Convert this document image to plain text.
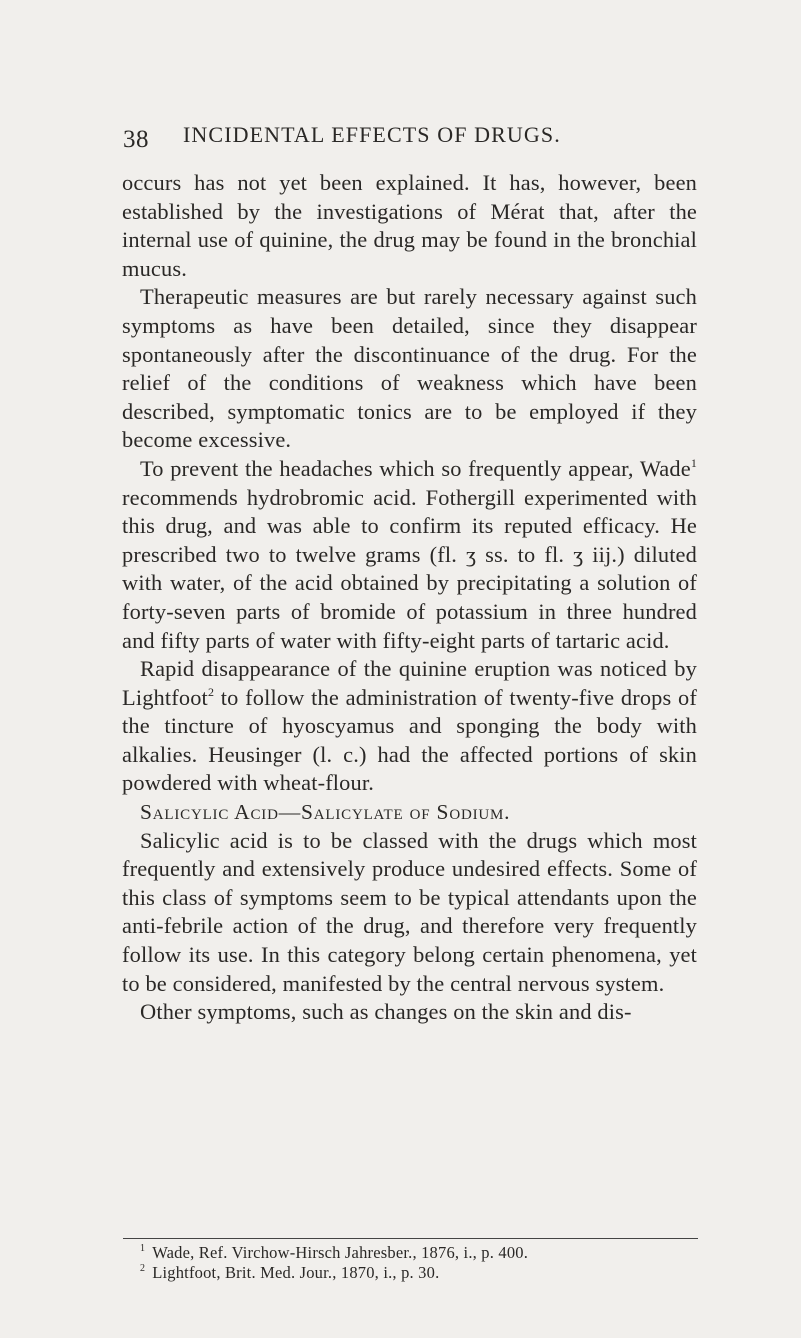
38 INCIDENTAL EFFECTS OF DRUGS.

occurs has not yet been explained. It has, however, been established by the investigations of Mérat that, after the internal use of quinine, the drug may be found in the bronchial mucus.

Therapeutic measures are but rarely necessary against such symptoms as have been detailed, since they disappear spontaneously after the discontinuance of the drug. For the relief of the conditions of weakness which have been described, symptomatic tonics are to be employed if they become excessive.

To prevent the headaches which so frequently appear, Wade$^1$ recommends hydrobromic acid. Fothergill experimented with this drug, and was able to confirm its reputed efficacy. He prescribed two to twelve grams (fl. ʒ ss. to fl. ʒ iij.) diluted with water, of the acid obtained by precipitating a solution of forty-seven parts of bromide of potassium in three hundred and fifty parts of water with fifty-eight parts of tartaric acid.

Rapid disappearance of the quinine eruption was noticed by Lightfoot$^2$ to follow the administration of twenty-five drops of the tincture of hyoscyamus and sponging the body with alkalies. Heusinger (l. c.) had the affected portions of skin powdered with wheat-flour.

Salicylic Acid—Salicylate of Sodium.

Salicylic acid is to be classed with the drugs which most frequently and extensively produce undesired effects. Some of this class of symptoms seem to be typical attendants upon the anti-febrile action of the drug, and therefore very frequently follow its use. In this category belong certain phenomena, yet to be considered, manifested by the central nervous system.

Other symptoms, such as changes on the skin and dis-

$^1$ Wade, Ref. Virchow-Hirsch Jahresber., 1876, i., p. 400.

$^2$ Lightfoot, Brit. Med. Jour., 1870, i., p. 30.
